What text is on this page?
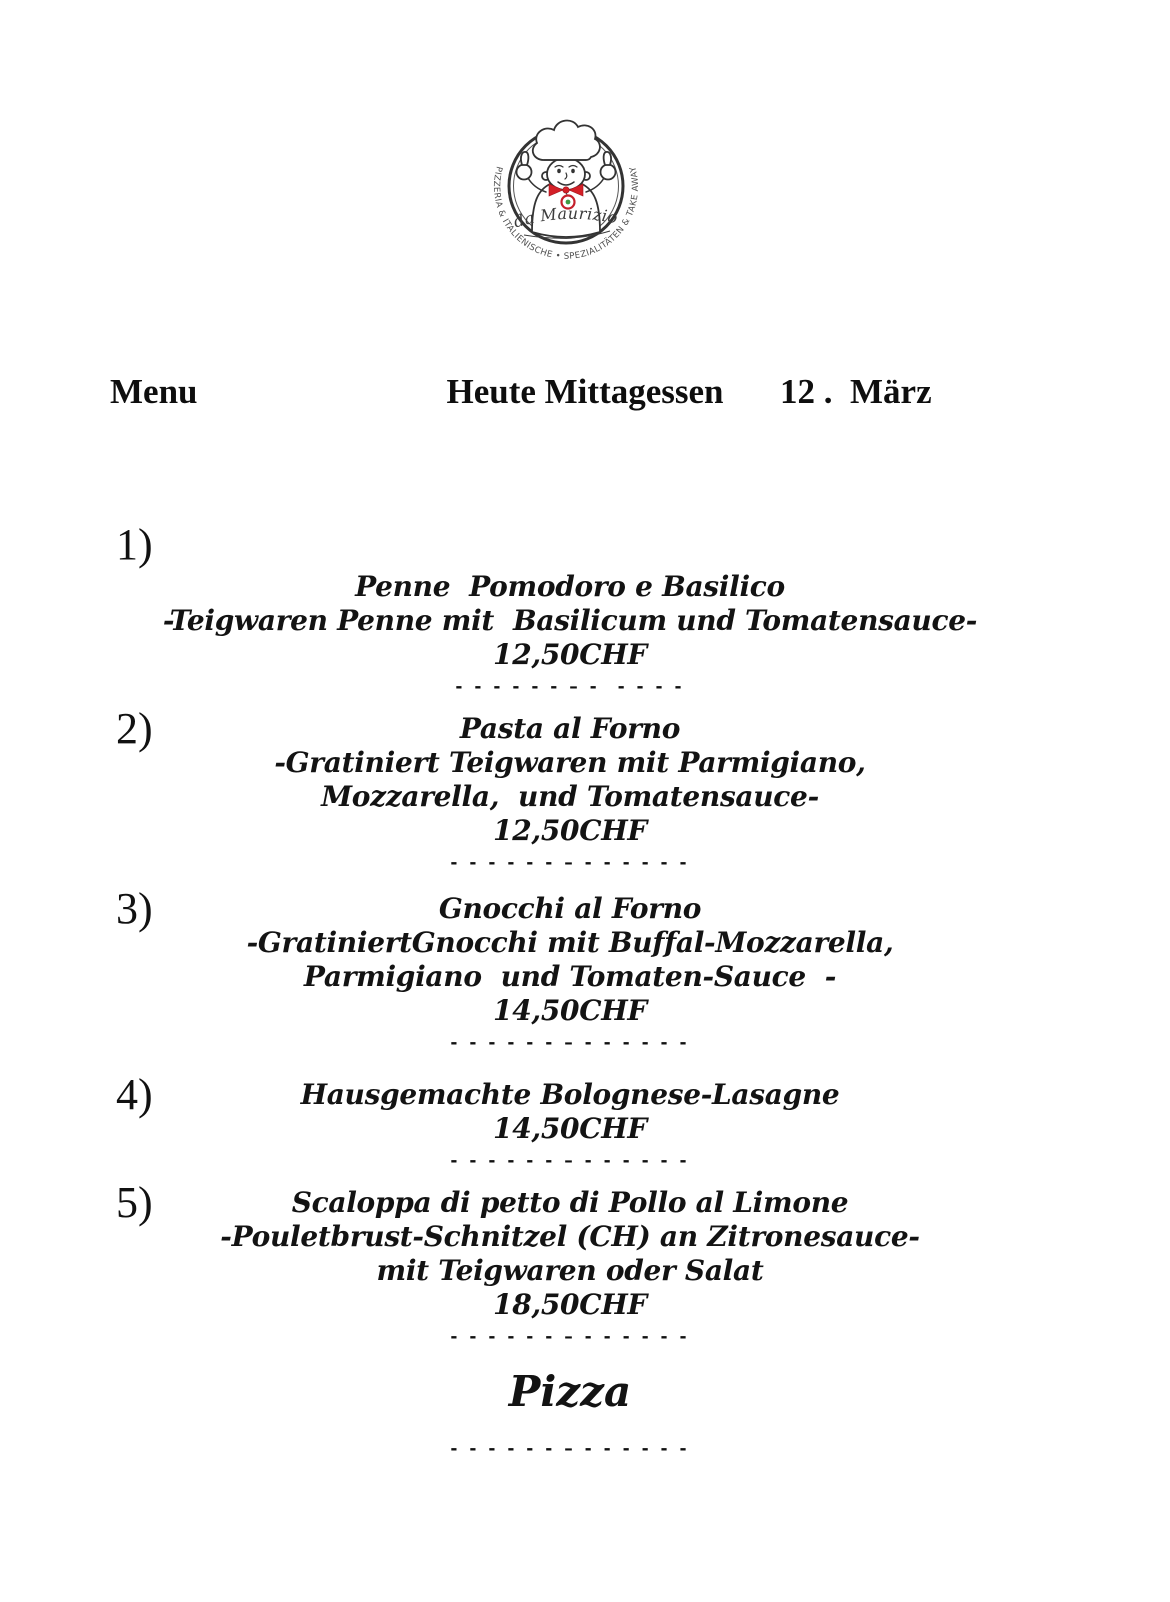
da Maurizio
PIZZERIA & ITALIENISCHE • SPEZIALITÄTEN & TAKE AWAY
Menu	Heute Mittagessen	12 .  März
1)
Penne  Pomodoro e Basilico
-Teigwaren Penne mit  Basilicum und Tomatensauce-
12,50CHF
- - - - - - – -  - - - -
2)	Pasta al Forno
-Gratiniert Teigwaren mit Parmigiano,
Mozzarella,  und Tomatensauce-
12,50CHF
- - - - - - – - - - - - -
3)	Gnocchi al Forno
-GratiniertGnocchi mit Buffal-Mozzarella,
Parmigiano  und Tomaten-Sauce  -
14,50CHF
- - - - - - – - - - - - -
4)	Hausgemachte Bolognese-Lasagne
14,50CHF
- - - - - - – - - - - - -
5)	Scaloppa di petto di Pollo al Limone
-Pouletbrust-Schnitzel (CH) an Zitronesauce-
mit Teigwaren oder Salat
18,50CHF
- - - - - - – - - - - - -
Pizza
- - - - - - – - - - - - -
